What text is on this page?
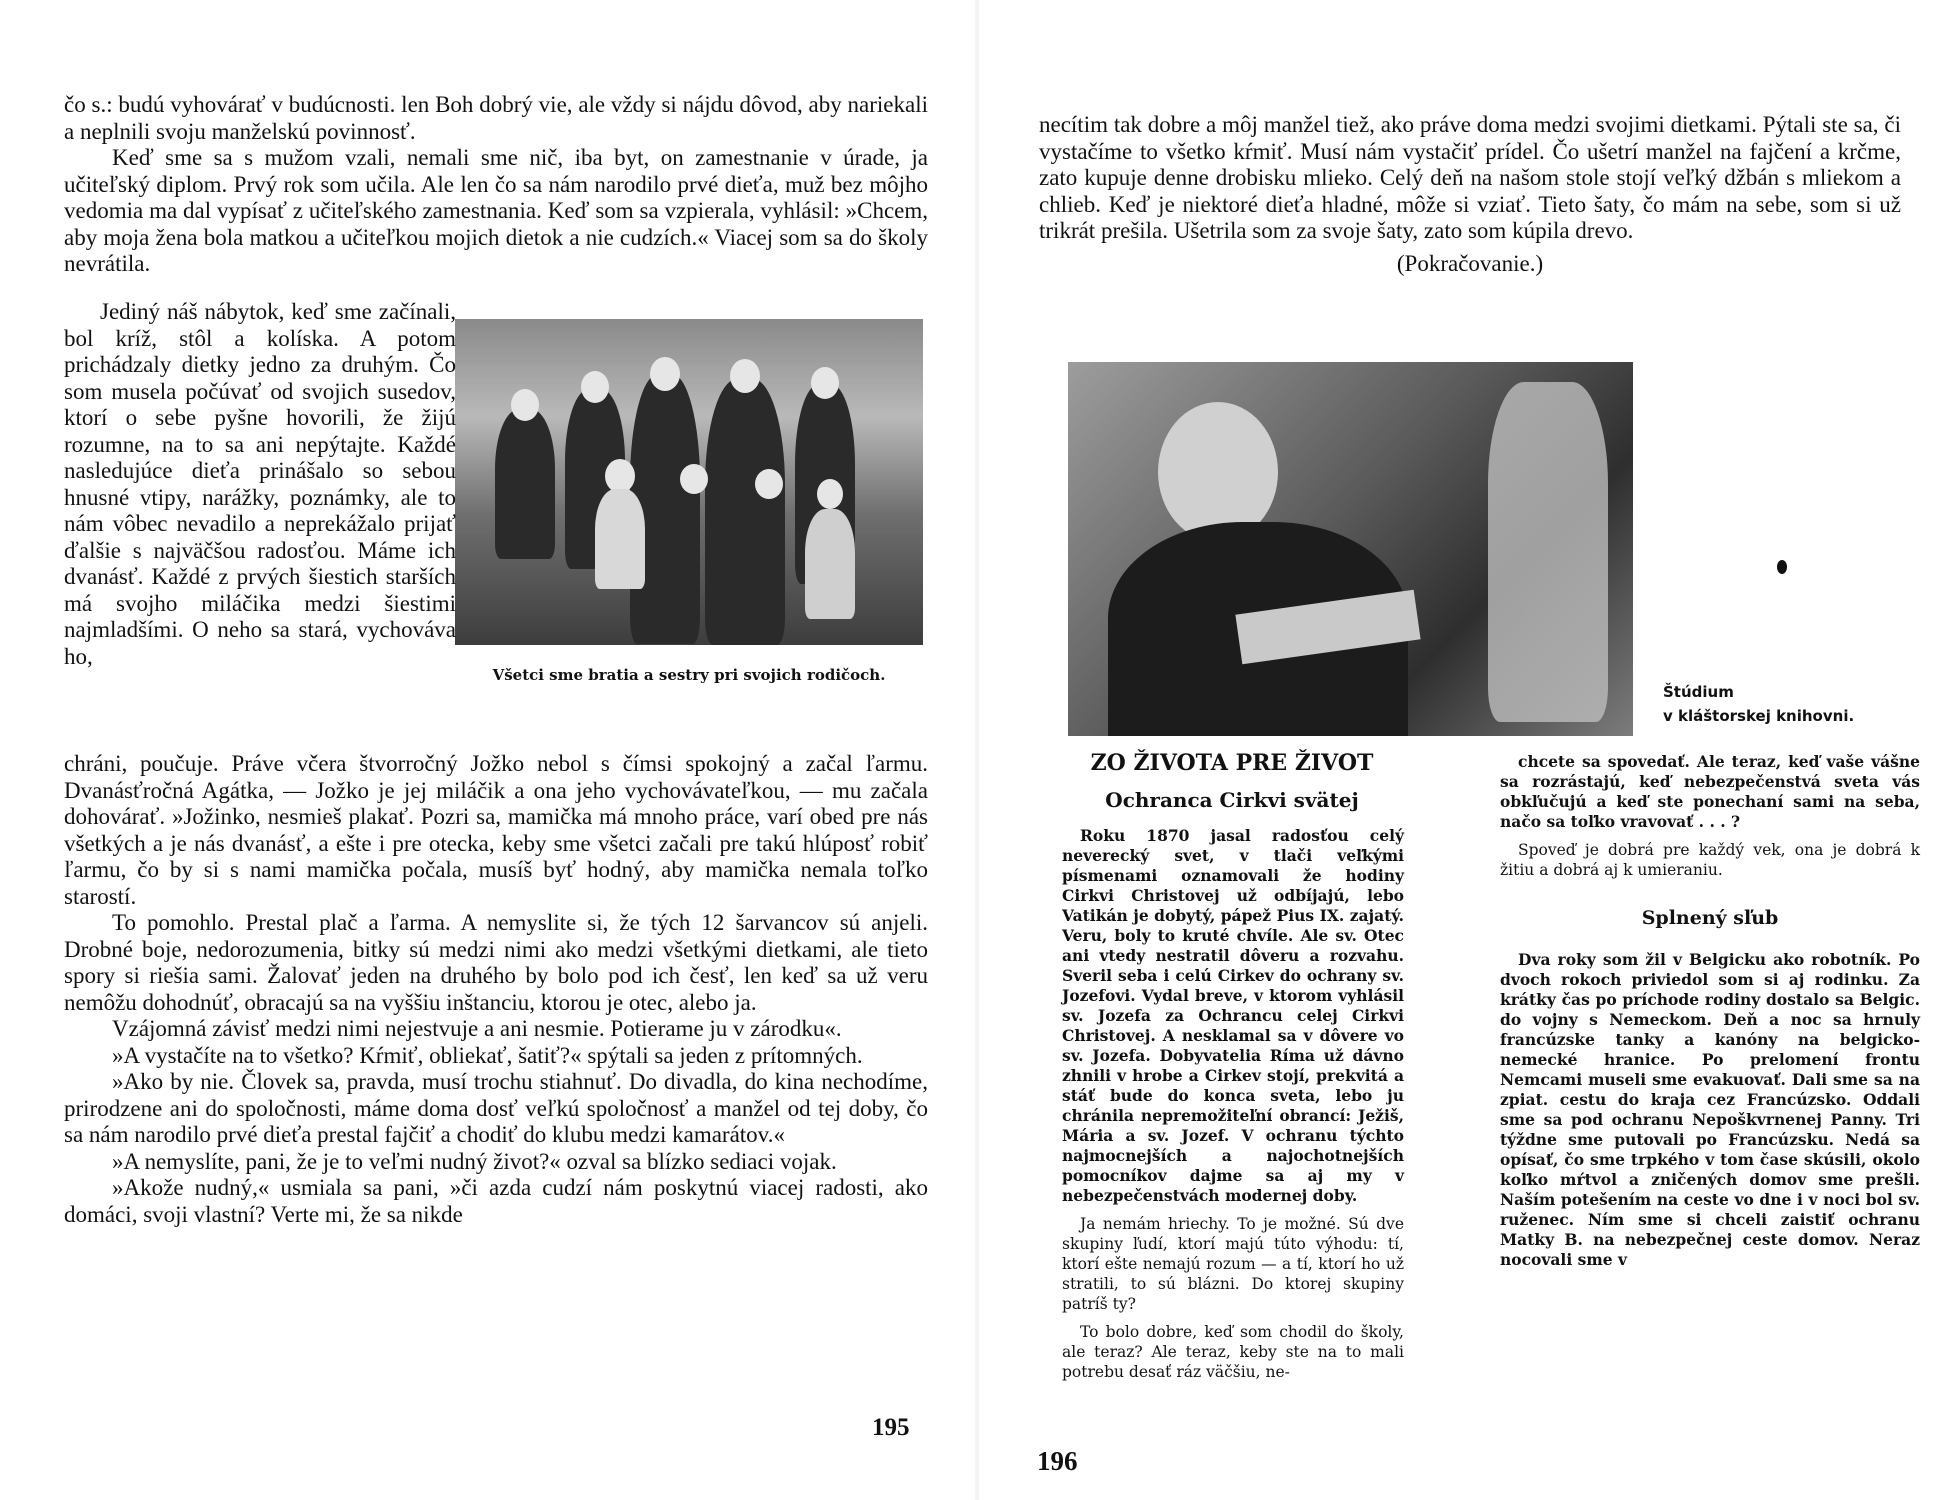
čo s.: budú vyhovárať v budúcnosti. len Boh dobrý vie, ale vždy si nájdu dôvod, aby nariekali a neplnili svoju manželskú povinnosť.

Keď sme sa s mužom vzali, nemali sme nič, iba byt, on zamestnanie v úrade, ja učiteľský diplom. Prvý rok som učila. Ale len čo sa nám narodilo prvé dieťa, muž bez môjho vedomia ma dal vypísať z učiteľského zamestnania. Keď som sa vzpierala, vyhlásil: »Chcem, aby moja žena bola matkou a učiteľkou mojich dietok a nie cudzích.« Viacej som sa do školy nevrátila.

Všetci sme bratia a sestry pri svojich rodičoch.

Jediný náš nábytok, keď sme začínali, bol kríž, stôl a kolíska. A potom prichádzaly dietky jedno za druhým. Čo som musela počúvať od svojich susedov, ktorí o sebe pyšne hovorili, že žijú rozumne, na to sa ani nepýtajte. Každé nasledujúce dieťa prinášalo so sebou hnusné vtipy, narážky, poznámky, ale to nám vôbec nevadilo a neprekážalo prijať ďalšie s najväčšou radosťou. Máme ich dvanásť. Každé z prvých šiestich starších má svojho miláčika medzi šiestimi najmladšími. O neho sa stará, vychováva ho,

chráni, poučuje. Práve včera štvorročný Jožko nebol s čímsi spokojný a začal ľarmu. Dvanásťročná Agátka, — Jožko je jej miláčik a ona jeho vychovávateľkou, — mu začala dohovárať. »Jožinko, nesmieš plakať. Pozri sa, mamička má mnoho práce, varí obed pre nás všetkých a je nás dvanásť, a ešte i pre otecka, keby sme všetci začali pre takú hlúposť robiť ľarmu, čo by si s nami mamička počala, musíš byť hodný, aby mamička nemala toľko starostí.

To pomohlo. Prestal plač a ľarma. A nemyslite si, že tých 12 šarvancov sú anjeli. Drobné boje, nedorozumenia, bitky sú medzi nimi ako medzi všetkými dietkami, ale tieto spory si riešia sami. Žalovať jeden na druhého by bolo pod ich česť, len keď sa už veru nemôžu dohodnúť, obracajú sa na vyššiu inštanciu, ktorou je otec, alebo ja.

Vzájomná závisť medzi nimi nejestvuje a ani nesmie. Potierame ju v zárodku«.

»A vystačíte na to všetko? Kŕmiť, obliekať, šatiť?« spýtali sa jeden z prítomných.

»Ako by nie. Človek sa, pravda, musí trochu stiahnuť. Do divadla, do kina nechodíme, prirodzene ani do spoločnosti, máme doma dosť veľkú spoločnosť a manžel od tej doby, čo sa nám narodilo prvé dieťa prestal fajčiť a chodiť do klubu medzi kamarátov.«

»A nemyslíte, pani, že je to veľmi nudný život?« ozval sa blízko sediaci vojak.

»Akože nudný,« usmiala sa pani, »či azda cudzí nám poskytnú viacej radosti, ako domáci, svoji vlastní? Verte mi, že sa nikde

195

necítim tak dobre a môj manžel tiež, ako práve doma medzi svojimi dietkami. Pýtali ste sa, či vystačíme to všetko kŕmiť. Musí nám vystačiť prídel. Čo ušetrí manžel na fajčení a krčme, zato kupuje denne drobisku mlieko. Celý deň na našom stole stojí veľký džbán s mliekom a chlieb. Keď je niektoré dieťa hladné, môže si vziať. Tieto šaty, čo mám na sebe, som si už trikrát prešila. Ušetrila som za svoje šaty, zato som kúpila drevo.

(Pokračovanie.)

Štúdium
v kláštorskej knihovni.
ZO ŽIVOTA PRE ŽIVOT
Ochranca Cirkvi svätej

Roku 1870 jasal radosťou celý neverecký svet, v tlači veľkými písmenami oznamovali že hodiny Cirkvi Christovej už odbíjajú, lebo Vatikán je dobytý, pápež Pius IX. zajatý. Veru, boly to kruté chvíle. Ale sv. Otec ani vtedy nestratil dôveru a rozvahu. Sveril seba i celú Cirkev do ochrany sv. Jozefovi. Vydal breve, v ktorom vyhlásil sv. Jozefa za Ochrancu celej Cirkvi Christovej. A nesklamal sa v dôvere vo sv. Jozefa. Dobyvatelia Ríma už dávno zhnili v hrobe a Cirkev stojí, prekvitá a stáť bude do konca sveta, lebo ju chránila nepremožiteľní obrancí: Ježiš, Mária a sv. Jozef. V ochranu týchto najmocnejších a najochotnejších pomocníkov dajme sa aj my v nebezpečenstvách modernej doby.

Ja nemám hriechy. To je možné. Sú dve skupiny ľudí, ktorí majú túto výhodu: tí, ktorí ešte nemajú rozum — a tí, ktorí ho už stratili, to sú blázni. Do ktorej skupiny patríš ty?

To bolo dobre, keď som chodil do školy, ale teraz? Ale teraz, keby ste na to mali potrebu desať ráz väčšiu, ne-

chcete sa spovedať. Ale teraz, keď vaše vášne sa rozrástajú, keď nebezpečenstvá sveta vás obkľučujú a keď ste ponechaní sami na seba, načo sa toľko vravovať . . . ?

Spoveď je dobrá pre každý vek, ona je dobrá k žitiu a dobrá aj k umieraniu.

Splnený sľub

Dva roky som žil v Belgicku ako robotník. Po dvoch rokoch priviedol som si aj rodinku. Za krátky čas po príchode rodiny dostalo sa Belgic. do vojny s Nemeckom. Deň a noc sa hrnuly francúzske tanky a kanóny na belgicko-nemecké hranice. Po prelomení frontu Nemcami museli sme evakuovať. Dali sme sa na zpiat. cestu do kraja cez Francúzsko. Oddali sme sa pod ochranu Nepoškvrnenej Panny. Tri týždne sme putovali po Francúzsku. Nedá sa opísať, čo sme trpkého v tom čase skúsili, okolo koľko mŕtvol a zničených domov sme prešli. Naším potešením na ceste vo dne i v noci bol sv. ruženec. Ním sme si chceli zaistiť ochranu Matky B. na nebezpečnej ceste domov. Neraz nocovali sme v

196
